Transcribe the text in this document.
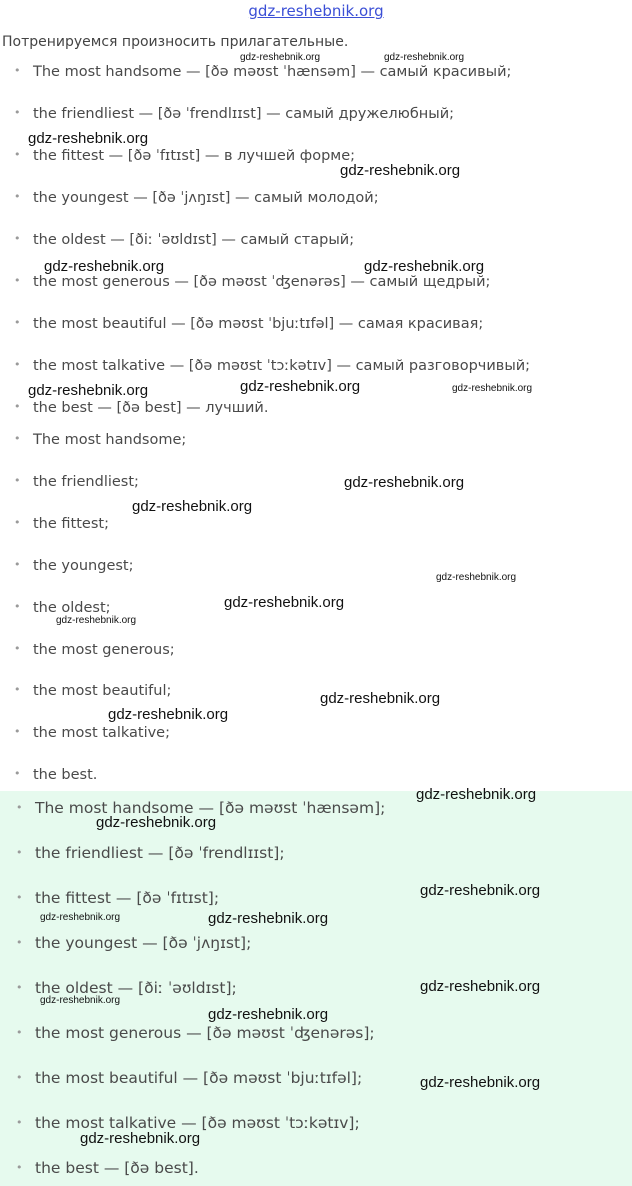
gdz-reshebnik.org
Потренируемся произносить прилагательные.
• The most handsome — [ðə məʊst ˈhænsəm] — самый красивый;
• the friendliest — [ðə ˈfrendlɪɪst] — самый дружелюбный;
• the fittest — [ðə ˈfɪtɪst] — в лучшей форме;
• the youngest — [ðə ˈjʌŋɪst] — самый молодой;
• the oldest — [ðiː ˈəʊldɪst] — самый старый;
• the most generous — [ðə məʊst ˈʤenərəs] — самый щедрый;
• the most beautiful — [ðə məʊst ˈbjuːtɪfəl] — самая красивая;
• the most talkative — [ðə məʊst ˈtɔːkətɪv] — самый разговорчивый;
• the best — [ðə best] — лучший.
• The most handsome;
• the friendliest;
• the fittest;
• the youngest;
• the oldest;
• the most generous;
• the most beautiful;
• the most talkative;
• the best.
• The most handsome — [ðə məʊst ˈhænsəm];
• the friendliest — [ðə ˈfrendlɪɪst];
• the fittest — [ðə ˈfɪtɪst];
• the youngest — [ðə ˈjʌŋɪst];
• the oldest — [ðiː ˈəʊldɪst];
• the most generous — [ðə məʊst ˈʤenərəs];
• the most beautiful — [ðə məʊst ˈbjuːtɪfəl];
• the most talkative — [ðə məʊst ˈtɔːkətɪv];
• the best — [ðə best].
gdz-reshebnik.org	gdz-reshebnik.org
gdz-reshebnik.org
gdz-reshebnik.org
gdz-reshebnik.org	gdz-reshebnik.org
gdz-reshebnik.org
gdz-reshebnik.org	gdz-reshebnik.org
gdz-reshebnik.org
gdz-reshebnik.org
gdz-reshebnik.org
gdz-reshebnik.org
gdz-reshebnik.org
gdz-reshebnik.org
gdz-reshebnik.org
gdz-reshebnik.org
gdz-reshebnik.org
gdz-reshebnik.org
gdz-reshebnik.org	gdz-reshebnik.org
gdz-reshebnik.org
gdz-reshebnik.org
gdz-reshebnik.org
gdz-reshebnik.org
gdz-reshebnik.org
